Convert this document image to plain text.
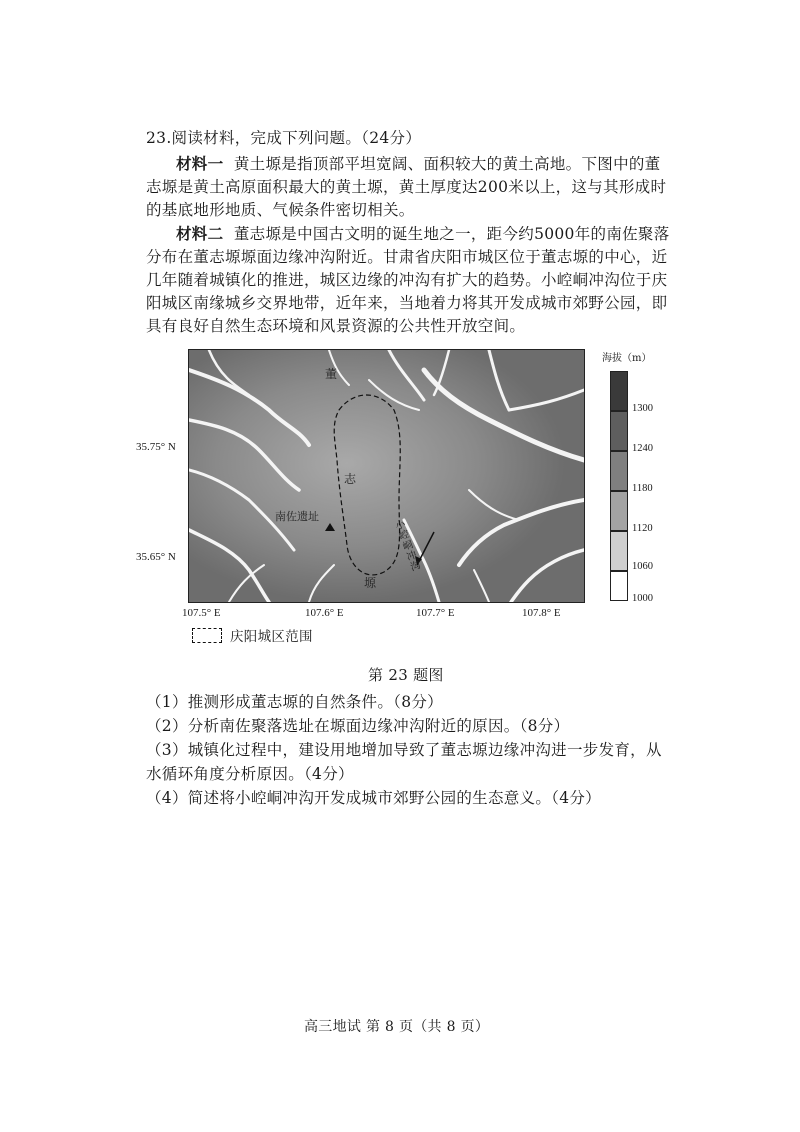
23.阅读材料，完成下列问题。（24分）
材料一 黄土塬是指顶部平坦宽阔、面积较大的黄土高地。下图中的董
志塬是黄土高原面积最大的黄土塬，黄土厚度达200米以上，这与其形成时
的基底地形地质、气候条件密切相关。
材料二 董志塬是中国古文明的诞生地之一，距今约5000年的南佐聚落
分布在董志塬塬面边缘冲沟附近。甘肃省庆阳市城区位于董志塬的中心，近
几年随着城镇化的推进，城区边缘的冲沟有扩大的趋势。小崆峒冲沟位于庆
阳城区南缘城乡交界地带，近年来，当地着力将其开发成城市郊野公园，即
具有良好自然生态环境和风景资源的公共性开放空间。
董
志
塬
南佐遗址
小崆峒冲沟
35.75° N
35.65° N
107.5° E	107.6° E	107.7° E	107.8° E
海拔（m）
1300
1240
1180
1120
1060
1000
庆阳城区范围
第 23 题图
（1）推测形成董志塬的自然条件。（8分）
（2）分析南佐聚落选址在塬面边缘冲沟附近的原因。（8分）
（3）城镇化过程中，建设用地增加导致了董志塬边缘冲沟进一步发育，从
水循环角度分析原因。（4分）
（4）简述将小崆峒冲沟开发成城市郊野公园的生态意义。（4分）
高三地试 第 8 页（共 8 页）
